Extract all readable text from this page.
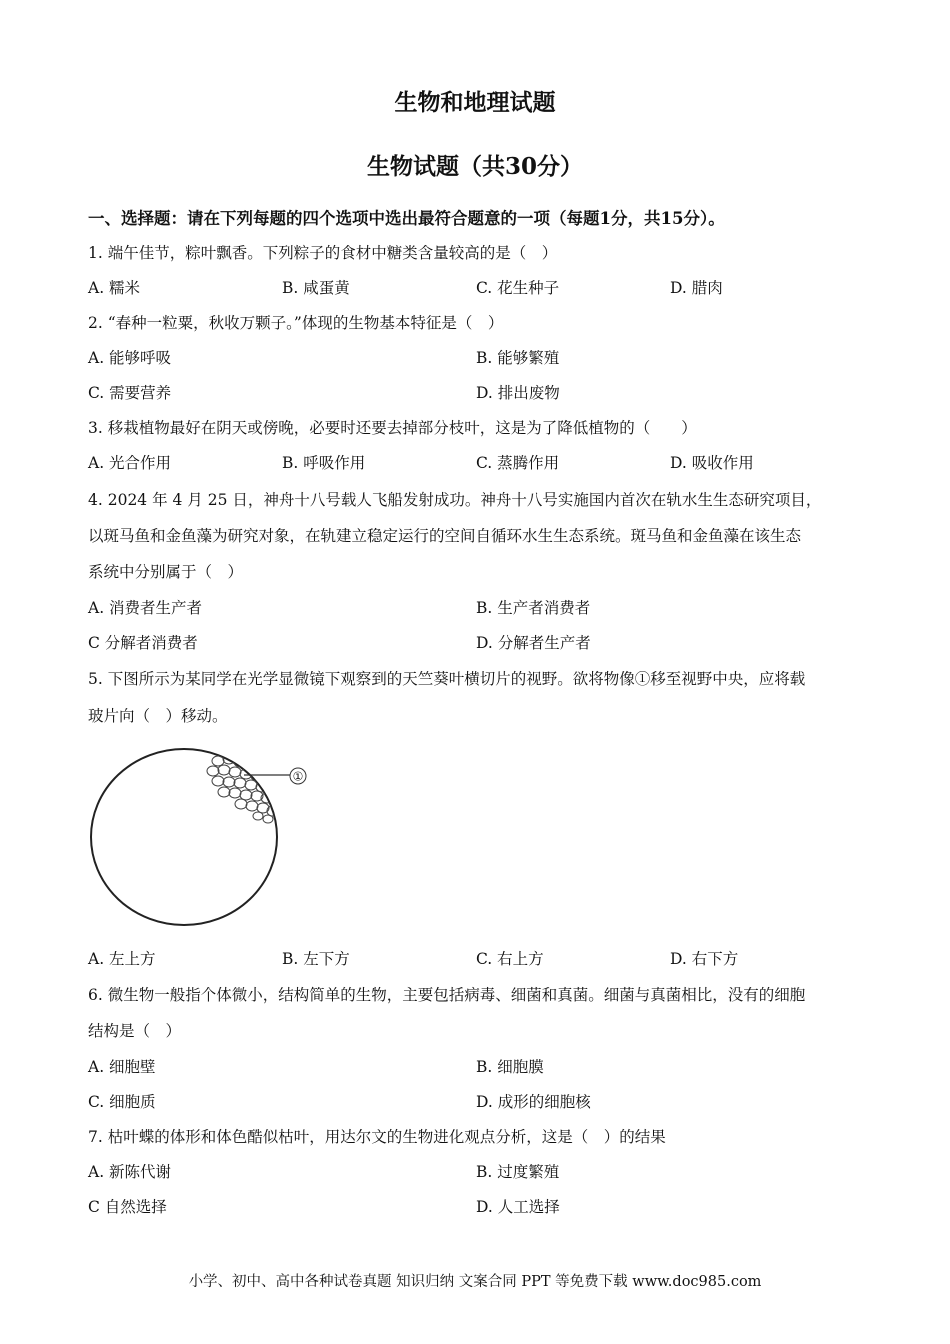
生物和地理试题
生物试题（共30分）
一、选择题：请在下列每题的四个选项中选出最符合题意的一项（每题1分，共15分）。
1. 端午佳节，粽叶飘香。下列粽子的食材中糖类含量较高的是（　）
A. 糯米	B. 咸蛋黄	C. 花生种子	D. 腊肉
2. “春种一粒粟，秋收万颗子。”体现的生物基本特征是（　）
A. 能够呼吸	B. 能够繁殖
C. 需要营养	D. 排出废物
3. 移栽植物最好在阴天或傍晚，必要时还要去掉部分枝叶，这是为了降低植物的（　　）
A. 光合作用	B. 呼吸作用	C. 蒸腾作用	D. 吸收作用
4. 2024 年 4 月 25 日，神舟十八号载人飞船发射成功。神舟十八号实施国内首次在轨水生生态研究项目，
以斑马鱼和金鱼藻为研究对象，在轨建立稳定运行的空间自循环水生生态系统。斑马鱼和金鱼藻在该生态
系统中分别属于（　）
A. 消费者生产者	B. 生产者消费者
C 分解者消费者	D. 分解者生产者
5. 下图所示为某同学在光学显微镜下观察到的天竺葵叶横切片的视野。欲将物像①移至视野中央，应将载
玻片向（　）移动。
①
A. 左上方	B. 左下方	C. 右上方	D. 右下方
6. 微生物一般指个体微小，结构简单的生物，主要包括病毒、细菌和真菌。细菌与真菌相比，没有的细胞
结构是（　）
A. 细胞壁	B. 细胞膜
C. 细胞质	D. 成形的细胞核
7. 枯叶蝶的体形和体色酷似枯叶，用达尔文的生物进化观点分析，这是（　）的结果
A. 新陈代谢	B. 过度繁殖
C 自然选择	D. 人工选择
小学、初中、高中各种试卷真题 知识归纳 文案合同 PPT 等免费下载 www.doc985.com
